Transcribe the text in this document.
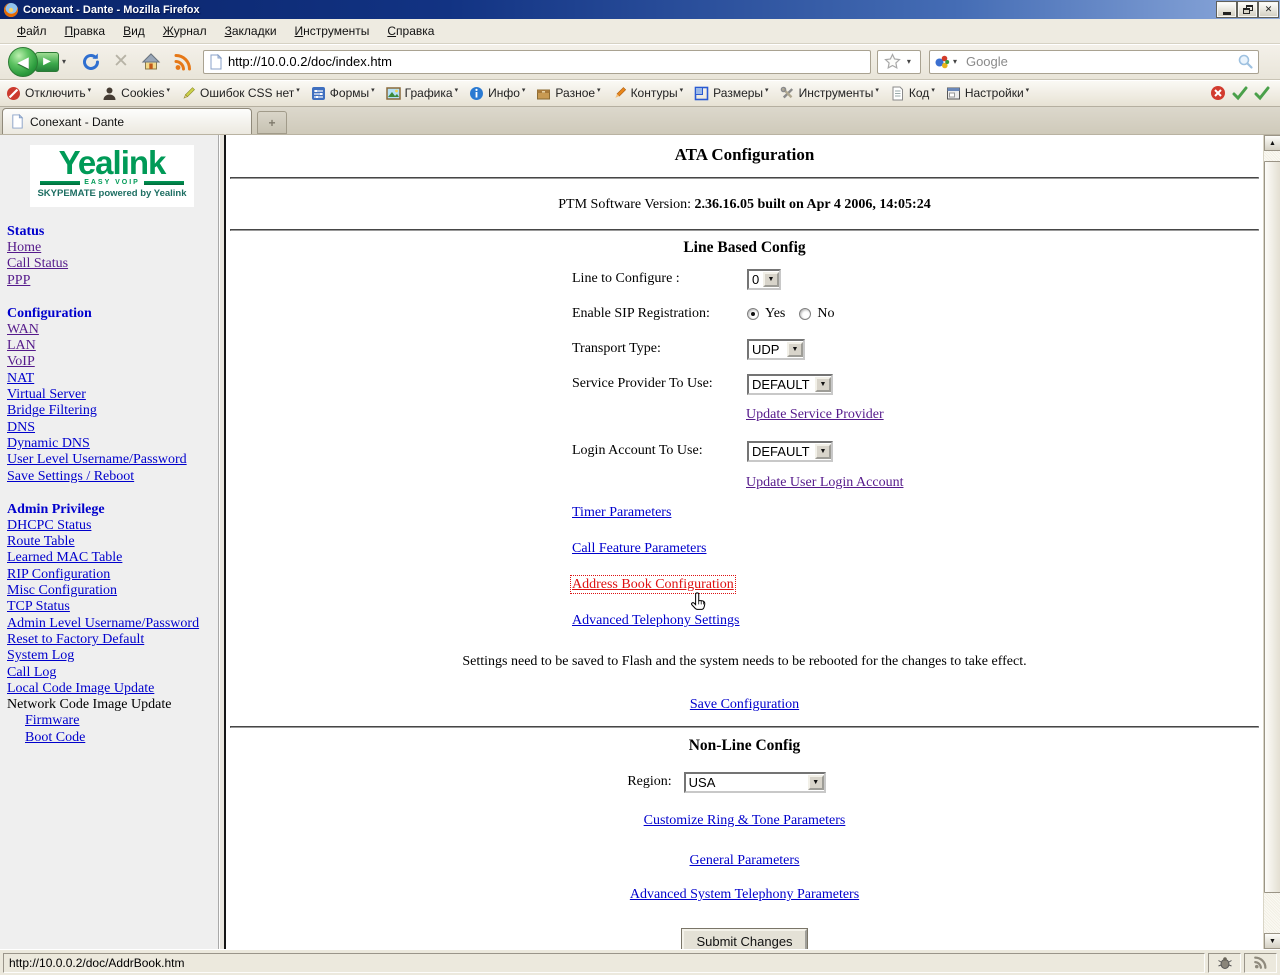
Conexant - Dante - Mozilla Firefox	✕
Файл	Правка	Вид	Журнал	Закладки	Инструменты	Справка
◀ ▶	▾ ✕
http://10.0.0.2/doc/index.htm	▾	▾
Google
Отключить ▾	Cookies ▾	Ошибок CSS нет ▾	Формы ▾	Графика ▾	Инфо ▾	Разное ▾	Контуры ▾	Размеры ▾	Инструменты ▾	Код ▾	Настройки ▾
Conexant - Dante	+
Yealink
EASY VOIP
SKYPEMATE powered by Yealink
Status
Home
Call Status
PPP
Configuration
WAN
LAN
VoIP
NAT
Virtual Server
Bridge Filtering
DNS
Dynamic DNS
User Level Username/Password
Save Settings / Reboot
Admin Privilege
DHCPC Status
Route Table
Learned MAC Table
RIP Configuration
Misc Configuration
TCP Status
Admin Level Username/Password
Reset to Factory Default
System Log
Call Log
Local Code Image Update
Network Code Image Update
Firmware
Boot Code
ATA Configuration
PTM Software Version: 2.36.16.05 built on Apr 4 2006, 14:05:24
Line Based Config
Line to Configure :	0	▼
Enable SIP Registration:	Yes No
Transport Type:	UDP	▼
Service Provider To Use:	DEFAULT	▼
Update Service Provider
Login Account To Use:	DEFAULT	▼
Update User Login Account
Timer Parameters
Call Feature Parameters
Address Book Configuration
Advanced Telephony Settings
Settings need to be saved to Flash and the system needs to be rebooted for the changes to take effect.
Save Configuration
Non-Line Config
Region: USA	▼
Customize Ring & Tone Parameters
General Parameters
Advanced System Telephony Parameters
Submit Changes
▲
▼
http://10.0.0.2/doc/AddrBook.htm
